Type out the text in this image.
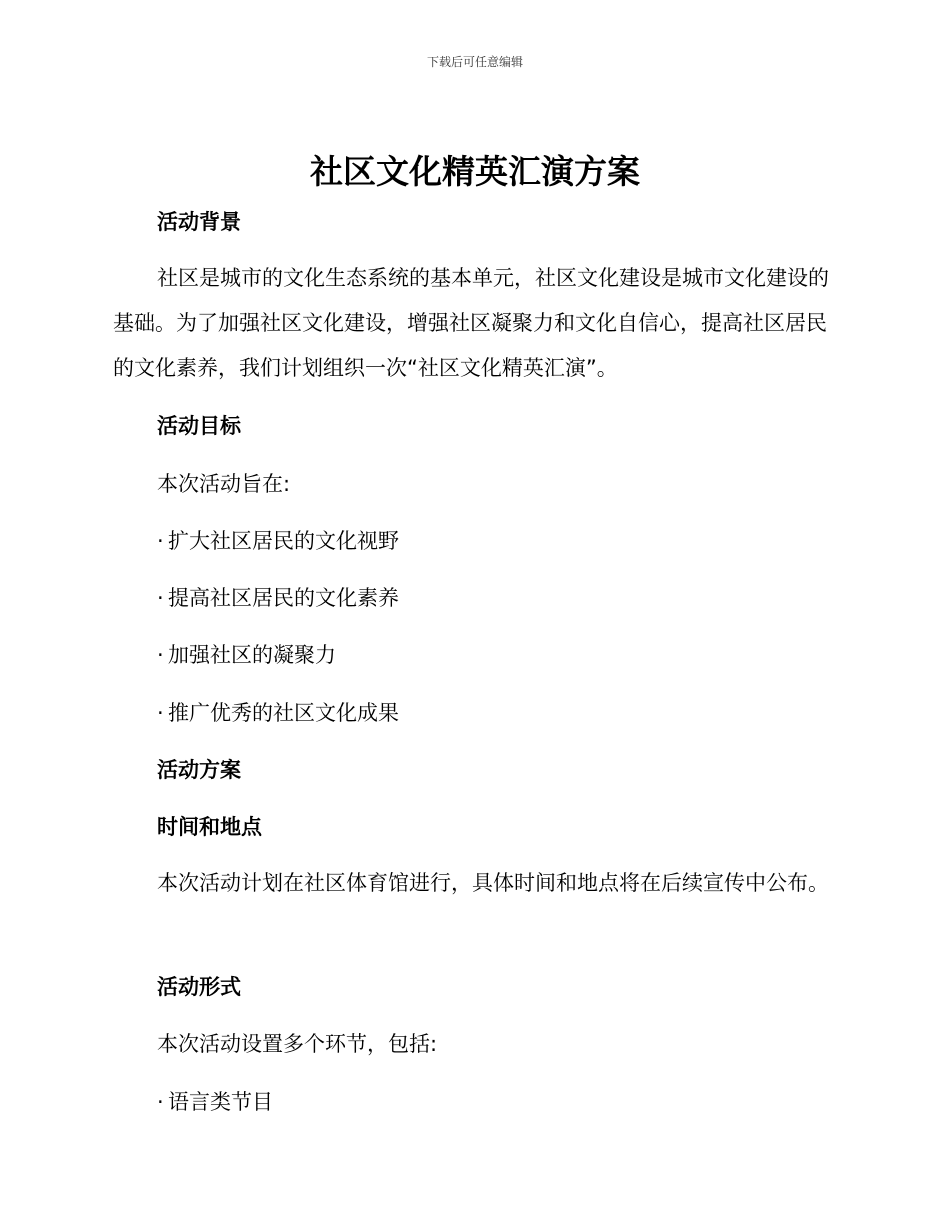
下载后可任意编辑
社区文化精英汇演方案
活动背景

社区是城市的文化生态系统的基本单元，社区文化建设是城市文化建设的基础。为了加强社区文化建设，增强社区凝聚力和文化自信心，提高社区居民的文化素养，我们计划组织一次“社区文化精英汇演”。

活动目标

本次活动旨在:

· 扩大社区居民的文化视野
· 提高社区居民的文化素养
· 加强社区的凝聚力
· 推广优秀的社区文化成果
活动方案
时间和地点

本次活动计划在社区体育馆进行，具体时间和地点将在后续宣传中公布。

活动形式

本次活动设置多个环节，包括:

· 语言类节目
